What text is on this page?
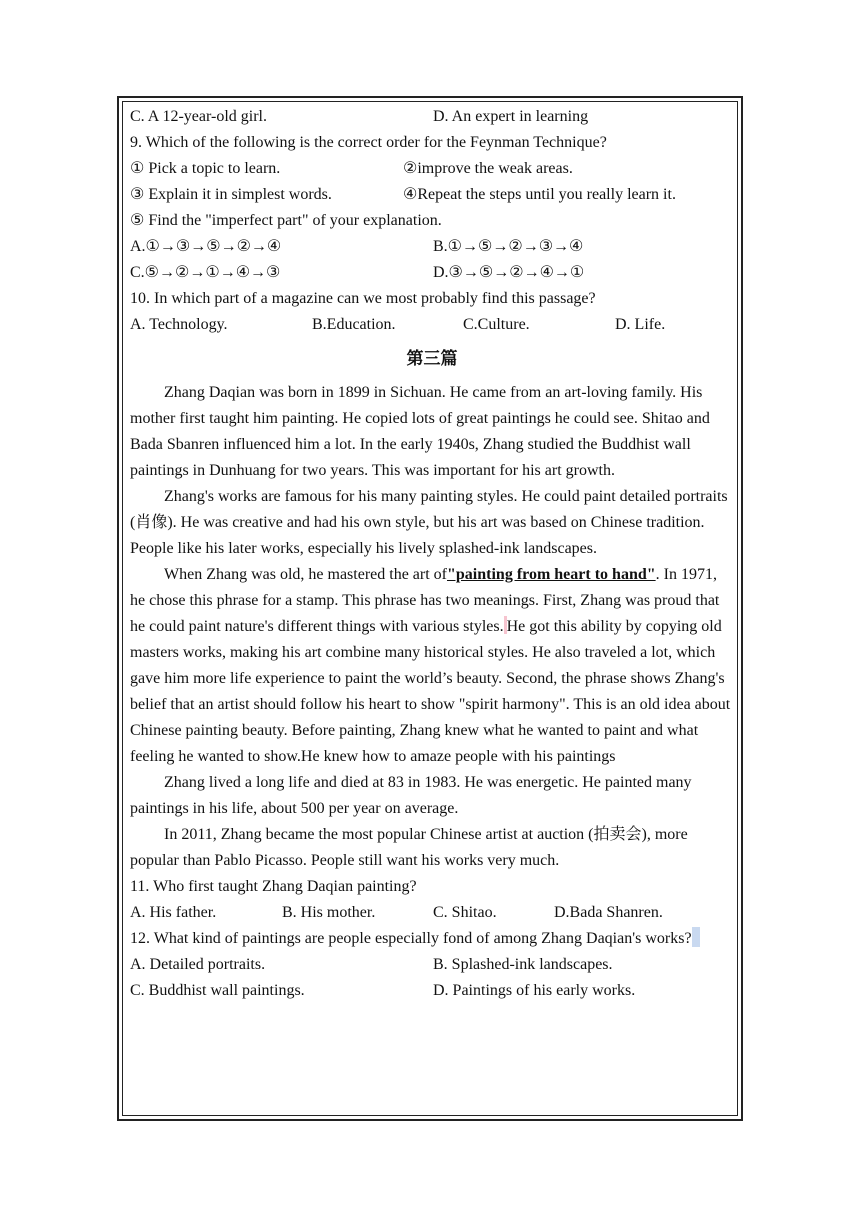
C. A 12-year-old girl.	D. An expert in learning
9. Which of the following is the correct order for the Feynman Technique?
① Pick a topic to learn.	②improve the weak areas.
③ Explain it in simplest words.	④Repeat the steps until you really learn it.
⑤ Find the "imperfect part" of your explanation.
A.①→③→⑤→②→④	B.①→⑤→②→③→④
C.⑤→②→①→④→③	D.③→⑤→②→④→①
10. In which part of a magazine can we most probably find this passage?
A. Technology.	B.Education.	C.Culture.	D. Life.
第三篇

Zhang Daqian was born in 1899 in Sichuan. He came from an art-loving family. His mother first taught him painting. He copied lots of great paintings he could see. Shitao and Bada Sbanren influenced him a lot. In the early 1940s, Zhang studied the Buddhist wall paintings in Dunhuang for two years. This was important for his art growth.

Zhang's works are famous for his many painting styles. He could paint detailed portraits (肖像). He was creative and had his own style, but his art was based on Chinese tradition. People like his later works, especially his lively splashed-ink landscapes.

When Zhang was old, he mastered the art of"painting from heart to hand". In 1971, he chose this phrase for a stamp. This phrase has two meanings. First, Zhang was proud that he could paint nature's different things with various styles. He got this ability by copying old masters works, making his art combine many historical styles. He also traveled a lot, which gave him more life experience to paint the world’s beauty. Second, the phrase shows Zhang's belief that an artist should follow his heart to show "spirit harmony". This is an old idea about Chinese painting beauty. Before painting, Zhang knew what he wanted to paint and what feeling he wanted to show.He knew how to amaze people with his paintings

Zhang lived a long life and died at 83 in 1983. He was energetic. He painted many paintings in his life, about 500 per year on average.

In 2011, Zhang became the most popular Chinese artist at auction (拍卖会), more popular than Pablo Picasso. People still want his works very much.

11. Who first taught Zhang Daqian painting?
A. His father.	B. His mother.	C. Shitao.	D.Bada Shanren.

12. What kind of paintings are people especially fond of among Zhang Daqian's works?

A. Detailed portraits.	B. Splashed-ink landscapes.
C. Buddhist wall paintings.	D. Paintings of his early works.
